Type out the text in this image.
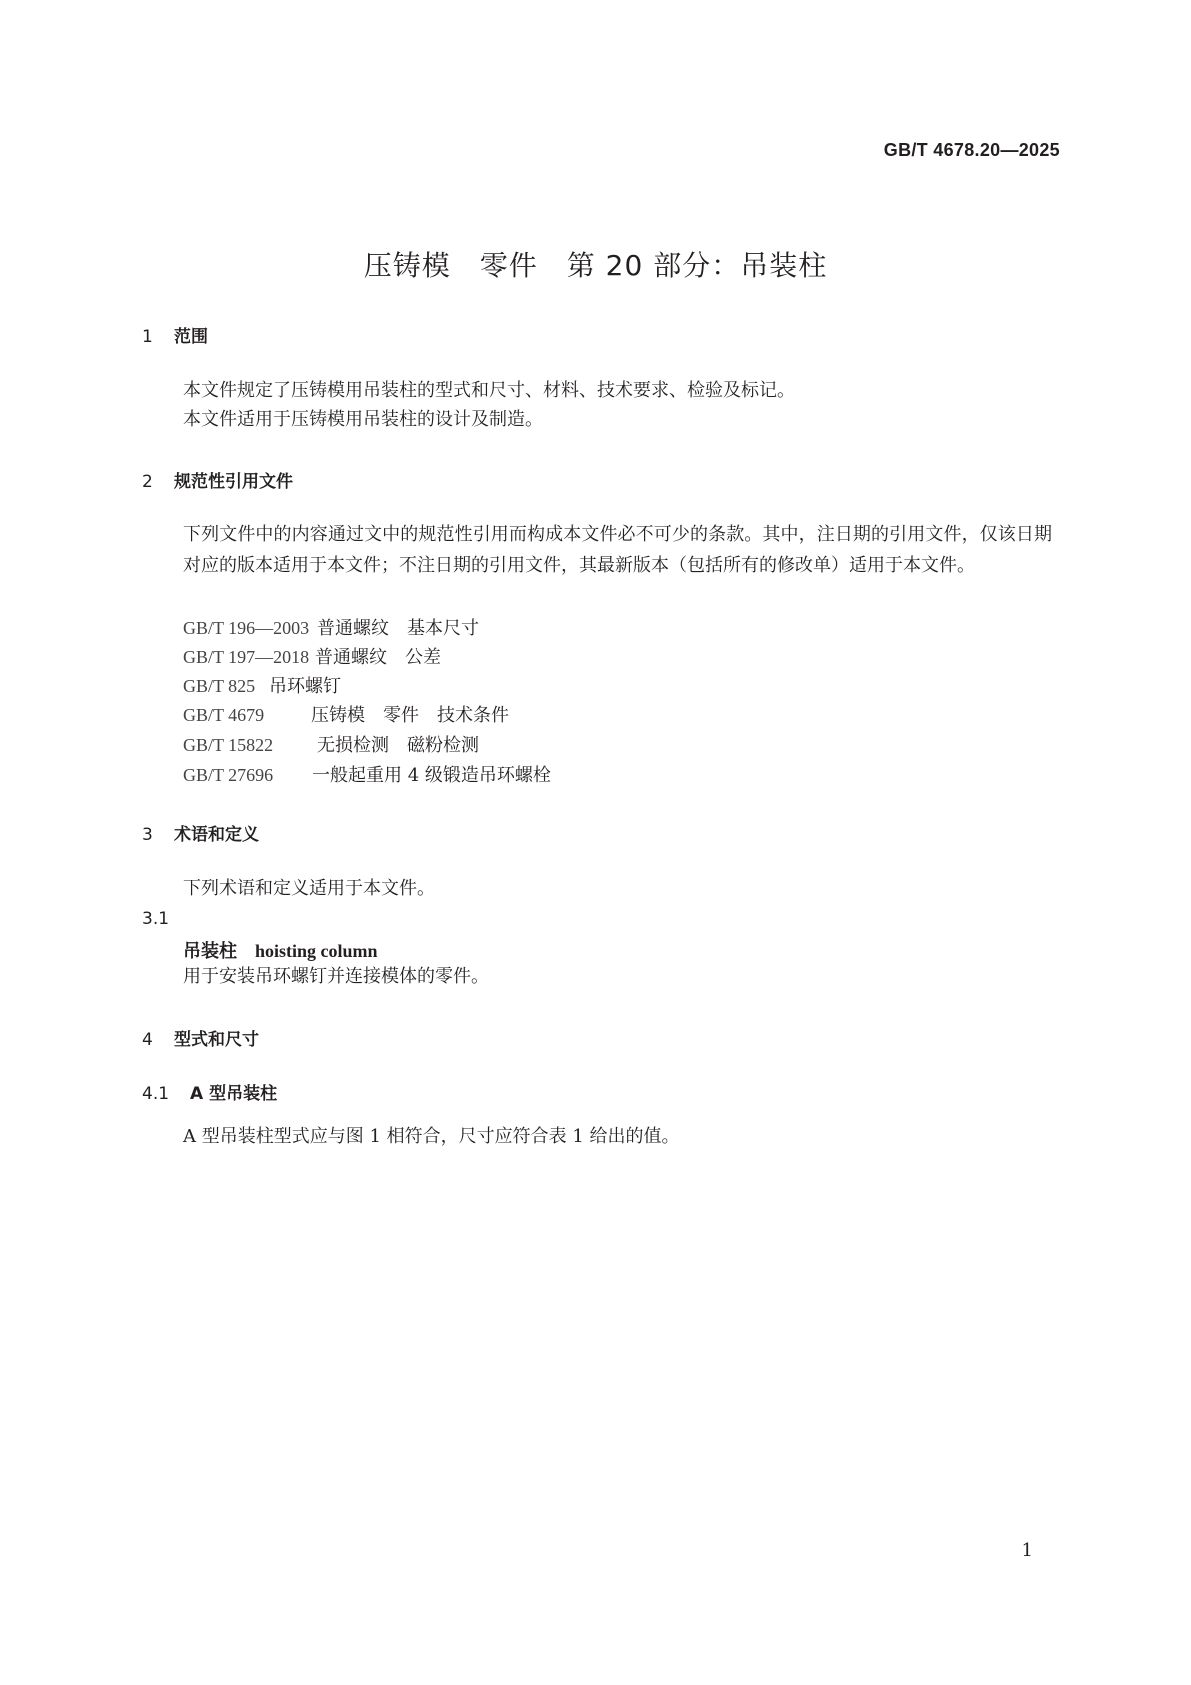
GB/T 4678.20—2025
压铸模　零件　第 20 部分：吊装柱
1 范围
本文件规定了压铸模用吊装柱的型式和尺寸、材料、技术要求、检验及标记。
本文件适用于压铸模用吊装柱的设计及制造。
2 规范性引用文件
下列文件中的内容通过文中的规范性引用而构成本文件必不可少的条款。其中，注日期的引用文件，仅该日期对应的版本适用于本文件；不注日期的引用文件，其最新版本（包括所有的修改单）适用于本文件。
GB/T 196—2003 普通螺纹　基本尺寸
GB/T 197—2018 普通螺纹　公差
GB/T 825 吊环螺钉
GB/T 4679	压铸模　零件　技术条件
GB/T 15822 无损检测　磁粉检测
GB/T 27696 一般起重用 4 级锻造吊环螺栓
3 术语和定义
下列术语和定义适用于本文件。
3.1
吊装柱 hoisting column
用于安装吊环螺钉并连接模体的零件。
4 型式和尺寸
4.1 A 型吊装柱
A 型吊装柱型式应与图 1 相符合，尺寸应符合表 1 给出的值。
1
